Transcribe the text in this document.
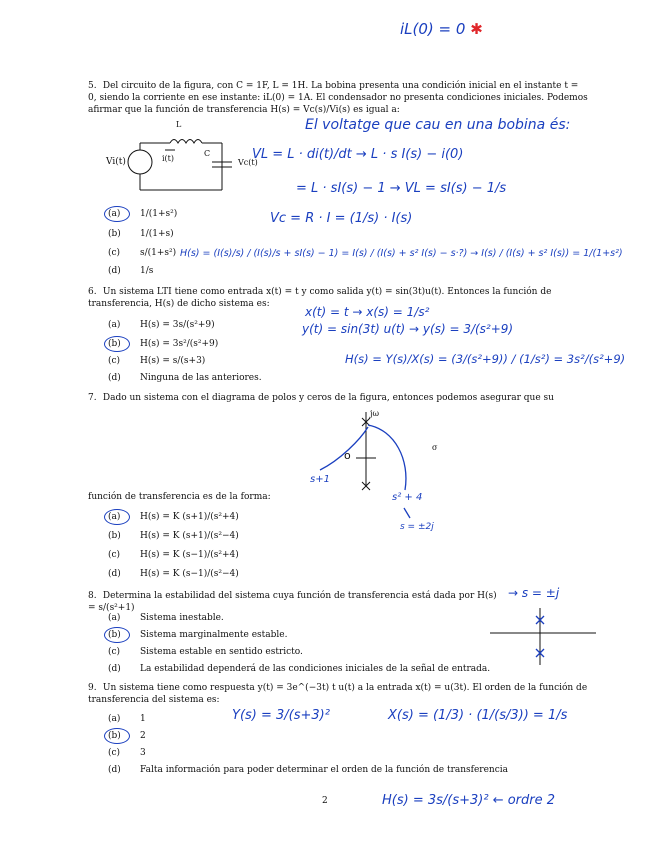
iL(0) = 0 ✱
5. Del circuito de la figura, con C = 1F, L = 1H. La bobina presenta una condición inicial en el instante t = 0, siendo la corriente en ese instante: iL(0) = 1A. El condensador no presenta condiciones iniciales. Podemos afirmar que la función de transferencia H(s) = Vc(s)/Vi(s) es igual a:
L
C
Vi(t)	i(t)	Vc(t)
(a) 1/(1+s²)
(b) 1/(1+s)
(c) s/(1+s²)
(d) 1/s
El voltatge que cau en una bobina és:
VL = L · di(t)/dt → L · s I(s) − i(0)
= L · sI(s) − 1 → VL = sI(s) − 1/s
Vc = R · I = (1/s) · I(s)
H(s) = (I(s)/s) / (I(s)/s + sI(s) − 1) = I(s) / (I(s) + s² I(s) − s·?) → I(s) / (I(s) + s² I(s)) = 1/(1+s²)
6. Un sistema LTI tiene como entrada x(t) = t y como salida y(t) = sin(3t)u(t). Entonces la función de transferencia, H(s) de dicho sistema es:
(a) H(s) = 3s/(s²+9)
(b) H(s) = 3s²/(s²+9)
(c) H(s) = s/(s+3)
(d) Ninguna de las anteriores.
x(t) = t → x(s) = 1/s²
y(t) = sin(3t) u(t) → y(s) = 3/(s²+9)
H(s) = Y(s)/X(s) = (3/(s²+9)) / (1/s²) = 3s²/(s²+9)
7. Dado un sistema con el diagrama de polos y ceros de la figura, entonces podemos asegurar que su
jω
σ
o
s+1
s² + 4
s = ±2j
función de transferencia es de la forma:
(a) H(s) = K (s+1)/(s²+4)
(b) H(s) = K (s+1)/(s²−4)
(c) H(s) = K (s−1)/(s²+4)
(d) H(s) = K (s−1)/(s²−4)
8. Determina la estabilidad del sistema cuya función de transferencia está dada por H(s) = s/(s²+1)
→ s = ±j
(a) Sistema inestable.
(b) Sistema marginalmente estable.
(c) Sistema estable en sentido estricto.
(d) La estabilidad dependerá de las condiciones iniciales de la señal de entrada.
9. Un sistema tiene como respuesta y(t) = 3e^(−3t) t u(t) a la entrada x(t) = u(3t). El orden de la función de transferencia del sistema es:
(a) 1
(b) 2
(c) 3
(d) Falta información para poder determinar el orden de la función de transferencia
Y(s) = 3/(s+3)²	X(s) = (1/3) · (1/(s/3)) = 1/s
H(s) = 3s/(s+3)² ← ordre 2
2
